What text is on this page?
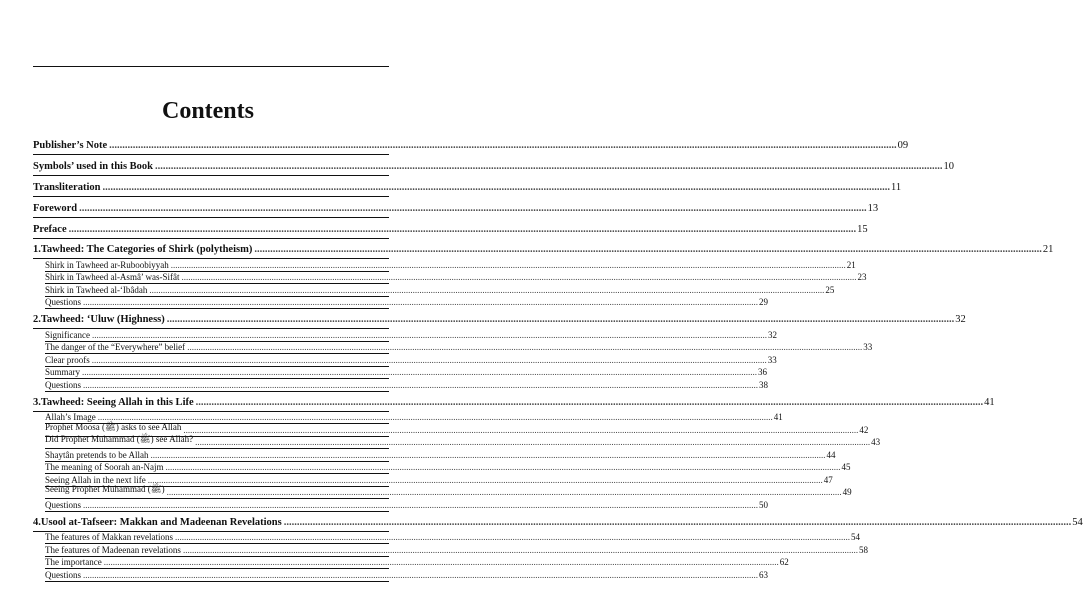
Contents
Publisher’s Note ............................................................................................................................................................................................................................................................................................................ 09
Symbols’ used in this Book ............................................................................................................................................................................................................................................................................................................ 10
Transliteration ............................................................................................................................................................................................................................................................................................................ 11
Foreword ............................................................................................................................................................................................................................................................................................................ 13
Preface ............................................................................................................................................................................................................................................................................................................ 15
1. Tawheed: The Categories of Shirk (polytheism) ............................................................................................................................................................................................................................................................................................................ 21
Shirk in Tawheed ar-Ruboobiyyah ............................................................................................................................................................................................................................................................................................................ 21
Shirk in Tawheed al-Asmâ’ was-Sifât ............................................................................................................................................................................................................................................................................................................ 23
Shirk in Tawheed al-‘Ibâdah ............................................................................................................................................................................................................................................................................................................ 25
Questions ............................................................................................................................................................................................................................................................................................................ 29
2. Tawheed: ‘Uluw (Highness) ............................................................................................................................................................................................................................................................................................................ 32
Significance ............................................................................................................................................................................................................................................................................................................ 32
The danger of the “Everywhere” belief ............................................................................................................................................................................................................................................................................................................ 33
Clear proofs ............................................................................................................................................................................................................................................................................................................ 33
Summary ............................................................................................................................................................................................................................................................................................................ 36
Questions ............................................................................................................................................................................................................................................................................................................ 38
3. Tawheed: Seeing Allah in this Life ............................................................................................................................................................................................................................................................................................................ 41
Allah’s Image ............................................................................................................................................................................................................................................................................................................ 41
Prophet Moosa (ﷺ) asks to see Allah ............................................................................................................................................................................................................................................................................................................ 42
Did Prophet Muhammad (ﷺ) see Allah? ............................................................................................................................................................................................................................................................................................................ 43
Shaytân pretends to be Allah ............................................................................................................................................................................................................................................................................................................ 44
The meaning of Soorah an-Najm ............................................................................................................................................................................................................................................................................................................ 45
Seeing Allah in the next life ............................................................................................................................................................................................................................................................................................................ 47
Seeing Prophet Muhammad (ﷺ) ............................................................................................................................................................................................................................................................................................................ 49
Questions ............................................................................................................................................................................................................................................................................................................ 50
4. Usool at-Tafseer: Makkan and Madeenan Revelations ............................................................................................................................................................................................................................................................................................................ 54
The features of Makkan revelations ............................................................................................................................................................................................................................................................................................................ 54
The features of Madeenan revelations ............................................................................................................................................................................................................................................................................................................ 58
The importance ............................................................................................................................................................................................................................................................................................................ 62
Questions ............................................................................................................................................................................................................................................................................................................ 63
